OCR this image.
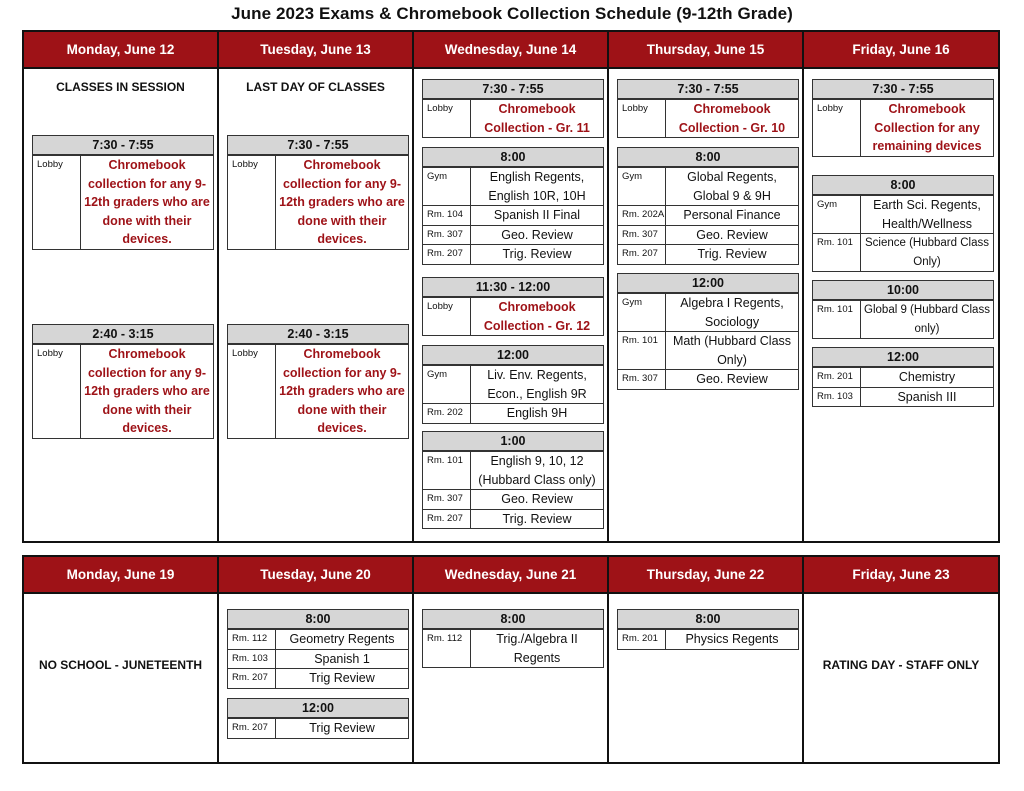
June 2023 Exams & Chromebook Collection Schedule (9-12th Grade)
Monday, June 12
CLASSES IN SESSION
7:30 - 7:55
Lobby	Chromebook collection for any 9-12th graders who are done with their devices.
2:40 - 3:15
Lobby	Chromebook collection for any 9-12th graders who are done with their devices.
Tuesday, June 13
LAST DAY OF CLASSES
7:30 - 7:55
Lobby	Chromebook collection for any 9-12th graders who are done with their devices.
2:40 - 3:15
Lobby	Chromebook collection for any 9-12th graders who are done with their devices.
Wednesday, June 14
7:30 - 7:55
Lobby	Chromebook Collection - Gr. 11
8:00
Gym	English Regents, English 10R, 10H
Rm. 104	Spanish II Final
Rm. 307	Geo. Review
Rm. 207	Trig. Review
11:30 - 12:00
Lobby	Chromebook Collection - Gr. 12
12:00
Gym	Liv. Env. Regents, Econ., English 9R
Rm. 202	English 9H
1:00
Rm. 101	English 9, 10, 12 (Hubbard Class only)
Rm. 307	Geo. Review
Rm. 207	Trig. Review
Thursday, June 15
7:30 - 7:55
Lobby	Chromebook Collection - Gr. 10
8:00
Gym	Global Regents, Global 9 & 9H
Rm. 202A	Personal Finance
Rm. 307	Geo. Review
Rm. 207	Trig. Review
12:00
Gym	Algebra I Regents, Sociology
Rm. 101	Math (Hubbard Class Only)
Rm. 307	Geo. Review
Friday, June 16
7:30 - 7:55
Lobby	Chromebook Collection for any remaining devices
8:00
Gym	Earth Sci. Regents, Health/Wellness
Rm. 101	Science (Hubbard Class Only)
10:00
Rm. 101 Global 9 (Hubbard Class only)
12:00
Rm. 201	Chemistry
Rm. 103	Spanish III
Monday, June 19
NO SCHOOL - JUNETEENTH
Tuesday, June 20
8:00
Rm. 112	Geometry Regents
Rm. 103	Spanish 1
Rm. 207	Trig Review
12:00
Rm. 207	Trig Review
Wednesday, June 21
8:00
Rm. 112	Trig./Algebra II Regents
Thursday, June 22
8:00
Rm. 201	Physics Regents
Friday, June 23
RATING DAY - STAFF ONLY
